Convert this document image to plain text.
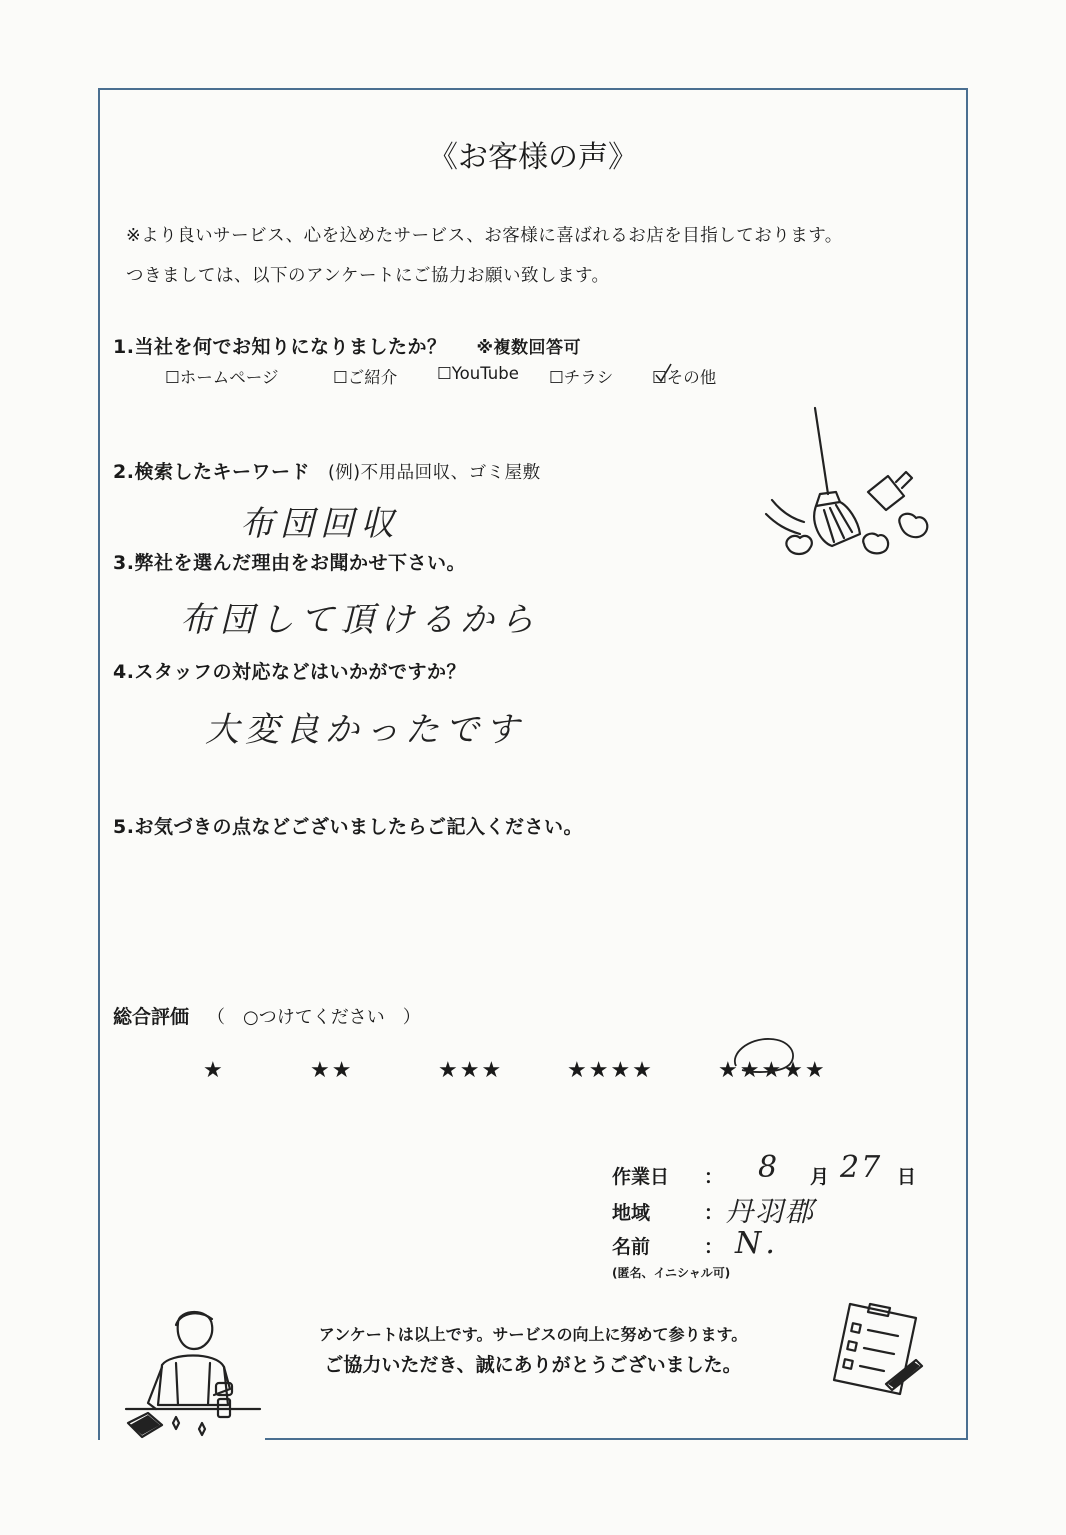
《お客様の声》
※より良いサービス、心を込めたサービス、お客様に喜ばれるお店を目指しております。
つきましては、以下のアンケートにご協力お願い致します。
1.当社を何でお知りになりましたか？ ※複数回答可
☐ホームページ	☐ご紹介 ☐YouTube ☐チラシ ☐
その他
2.検索したキーワード (例)不用品回収、ゴミ屋敷
布団回収
3.弊社を選んだ理由をお聞かせ下さい。
布団して頂けるから
4.スタッフの対応などはいかがですか？
大変良かったです
5.お気づきの点などございましたらご記入ください。
総合評価 （　○つけてください　）
★	★★	★★★	★★★★	★★★★★
作業日 ： 8 月 27 日
地域	： 丹羽郡
名前	： N.
(匿名、イニシャル可)
アンケートは以上です。サービスの向上に努めて参ります。
ご協力いただき、誠にありがとうございました。
